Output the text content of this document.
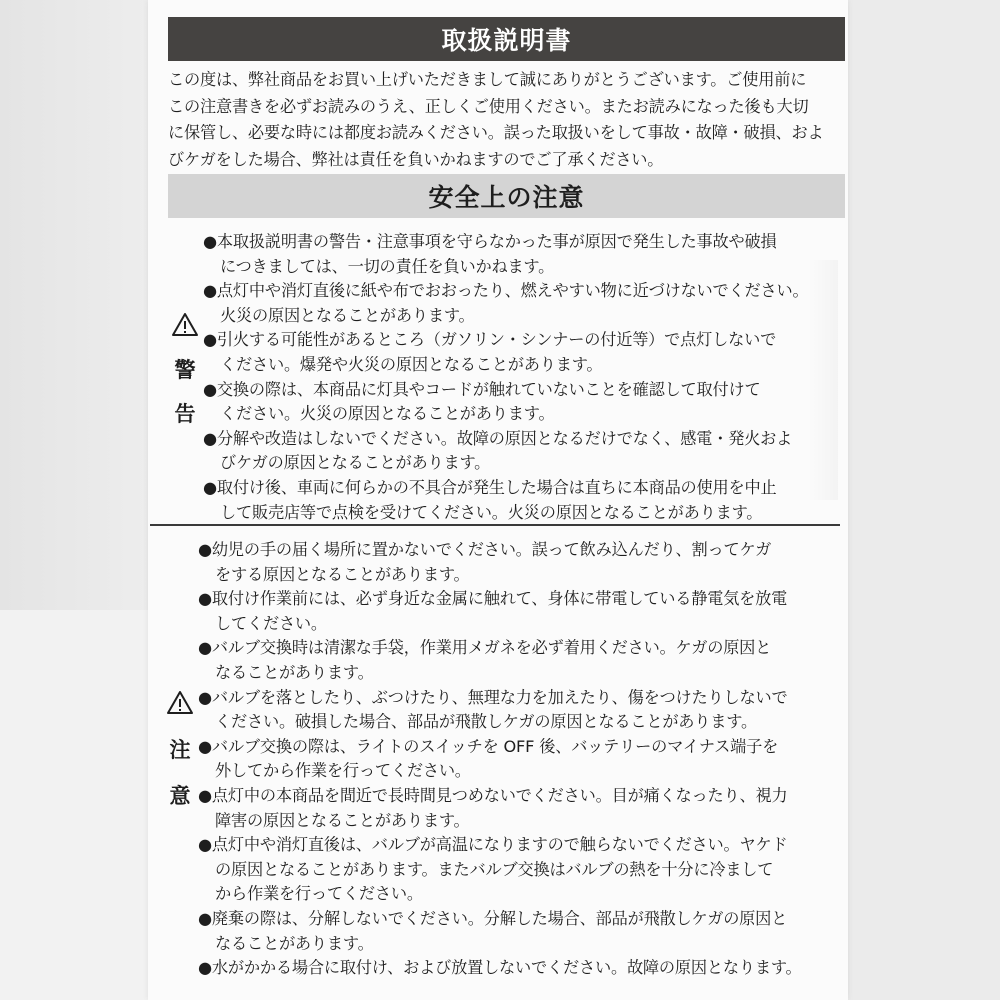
取扱説明書
この度は、弊社商品をお買い上げいただきまして誠にありがとうございます。ご使用前に
この注意書きを必ずお読みのうえ、正しくご使用ください。またお読みになった後も大切
に保管し、必要な時には都度お読みください。誤った取扱いをして事故・故障・破損、およ
びケガをした場合、弊社は責任を負いかねますのでご了承ください。
安全上の注意
警
告
●本取扱説明書の警告・注意事項を守らなかった事が原因で発生した事故や破損
につきましては、一切の責任を負いかねます。
●点灯中や消灯直後に紙や布でおおったり、燃えやすい物に近づけないでください。
火災の原因となることがあります。
●引火する可能性があるところ（ガソリン・シンナーの付近等）で点灯しないで
ください。爆発や火災の原因となることがあります。
●交換の際は、本商品に灯具やコードが触れていないことを確認して取付けて
ください。火災の原因となることがあります。
●分解や改造はしないでください。故障の原因となるだけでなく、感電・発火およ
びケガの原因となることがあります。
●取付け後、車両に何らかの不具合が発生した場合は直ちに本商品の使用を中止
して販売店等で点検を受けてください。火災の原因となることがあります。
注
意
●幼児の手の届く場所に置かないでください。誤って飲み込んだり、割ってケガ
をする原因となることがあります。
●取付け作業前には、必ず身近な金属に触れて、身体に帯電している静電気を放電
してください。
●バルブ交換時は清潔な手袋，作業用メガネを必ず着用ください。ケガの原因と
なることがあります。
●バルブを落としたり、ぶつけたり、無理な力を加えたり、傷をつけたりしないで
ください。破損した場合、部品が飛散しケガの原因となることがあります。
●バルブ交換の際は、ライトのスイッチを OFF 後、バッテリーのマイナス端子を
外してから作業を行ってください。
●点灯中の本商品を間近で長時間見つめないでください。目が痛くなったり、視力
障害の原因となることがあります。
●点灯中や消灯直後は、バルブが高温になりますので触らないでください。ヤケド
の原因となることがあります。またバルブ交換はバルブの熱を十分に冷まして
から作業を行ってください。
●廃棄の際は、分解しないでください。分解した場合、部品が飛散しケガの原因と
なることがあります。
●水がかかる場合に取付け、および放置しないでください。故障の原因となります。
